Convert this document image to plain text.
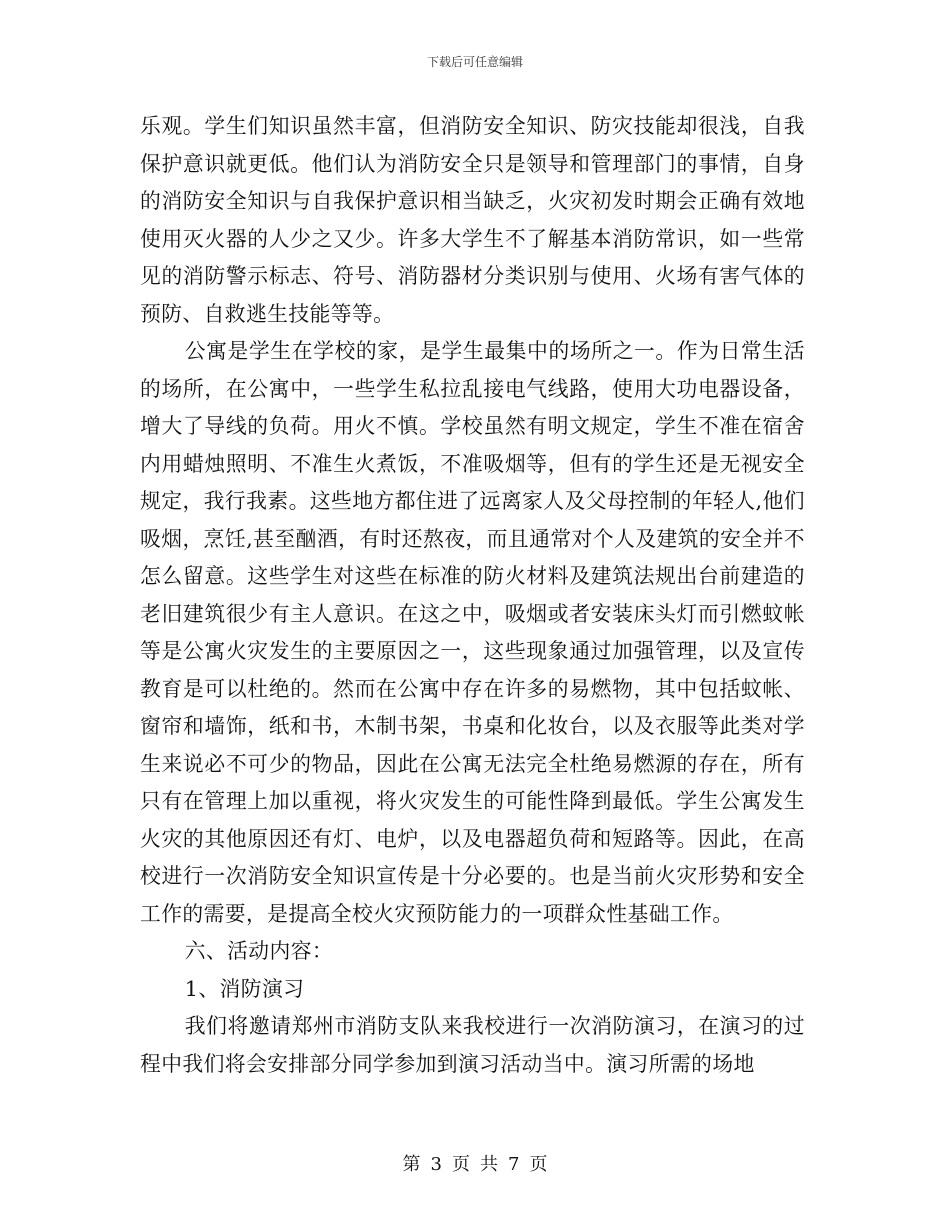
下载后可任意编辑

乐观。学生们知识虽然丰富，但消防安全知识、防灾技能却很浅，自我保护意识就更低。他们认为消防安全只是领导和管理部门的事情，自身的消防安全知识与自我保护意识相当缺乏，火灾初发时期会正确有效地使用灭火器的人少之又少。许多大学生不了解基本消防常识，如一些常见的消防警示标志、符号、消防器材分类识别与使用、火场有害气体的预防、自救逃生技能等等。

公寓是学生在学校的家，是学生最集中的场所之一。作为日常生活的场所，在公寓中，一些学生私拉乱接电气线路，使用大功电器设备，增大了导线的负荷。用火不慎。学校虽然有明文规定，学生不准在宿舍内用蜡烛照明、不准生火煮饭，不准吸烟等，但有的学生还是无视安全规定，我行我素。这些地方都住进了远离家人及父母控制的年轻人,他们吸烟，烹饪,甚至酗酒，有时还熬夜，而且通常对个人及建筑的安全并不怎么留意。这些学生对这些在标准的防火材料及建筑法规出台前建造的老旧建筑很少有主人意识。在这之中，吸烟或者安装床头灯而引燃蚊帐等是公寓火灾发生的主要原因之一，这些现象通过加强管理，以及宣传教育是可以杜绝的。然而在公寓中存在许多的易燃物，其中包括蚊帐、窗帘和墙饰，纸和书，木制书架，书桌和化妆台，以及衣服等此类对学生来说必不可少的物品，因此在公寓无法完全杜绝易燃源的存在，所有只有在管理上加以重视，将火灾发生的可能性降到最低。学生公寓发生火灾的其他原因还有灯、电炉，以及电器超负荷和短路等。因此，在高校进行一次消防安全知识宣传是十分必要的。也是当前火灾形势和安全工作的需要，是提高全校火灾预防能力的一项群众性基础工作。

六、活动内容：

1、消防演习

我们将邀请郑州市消防支队来我校进行一次消防演习，在演习的过程中我们将会安排部分同学参加到演习活动当中。演习所需的场地

第 3 页 共 7 页
